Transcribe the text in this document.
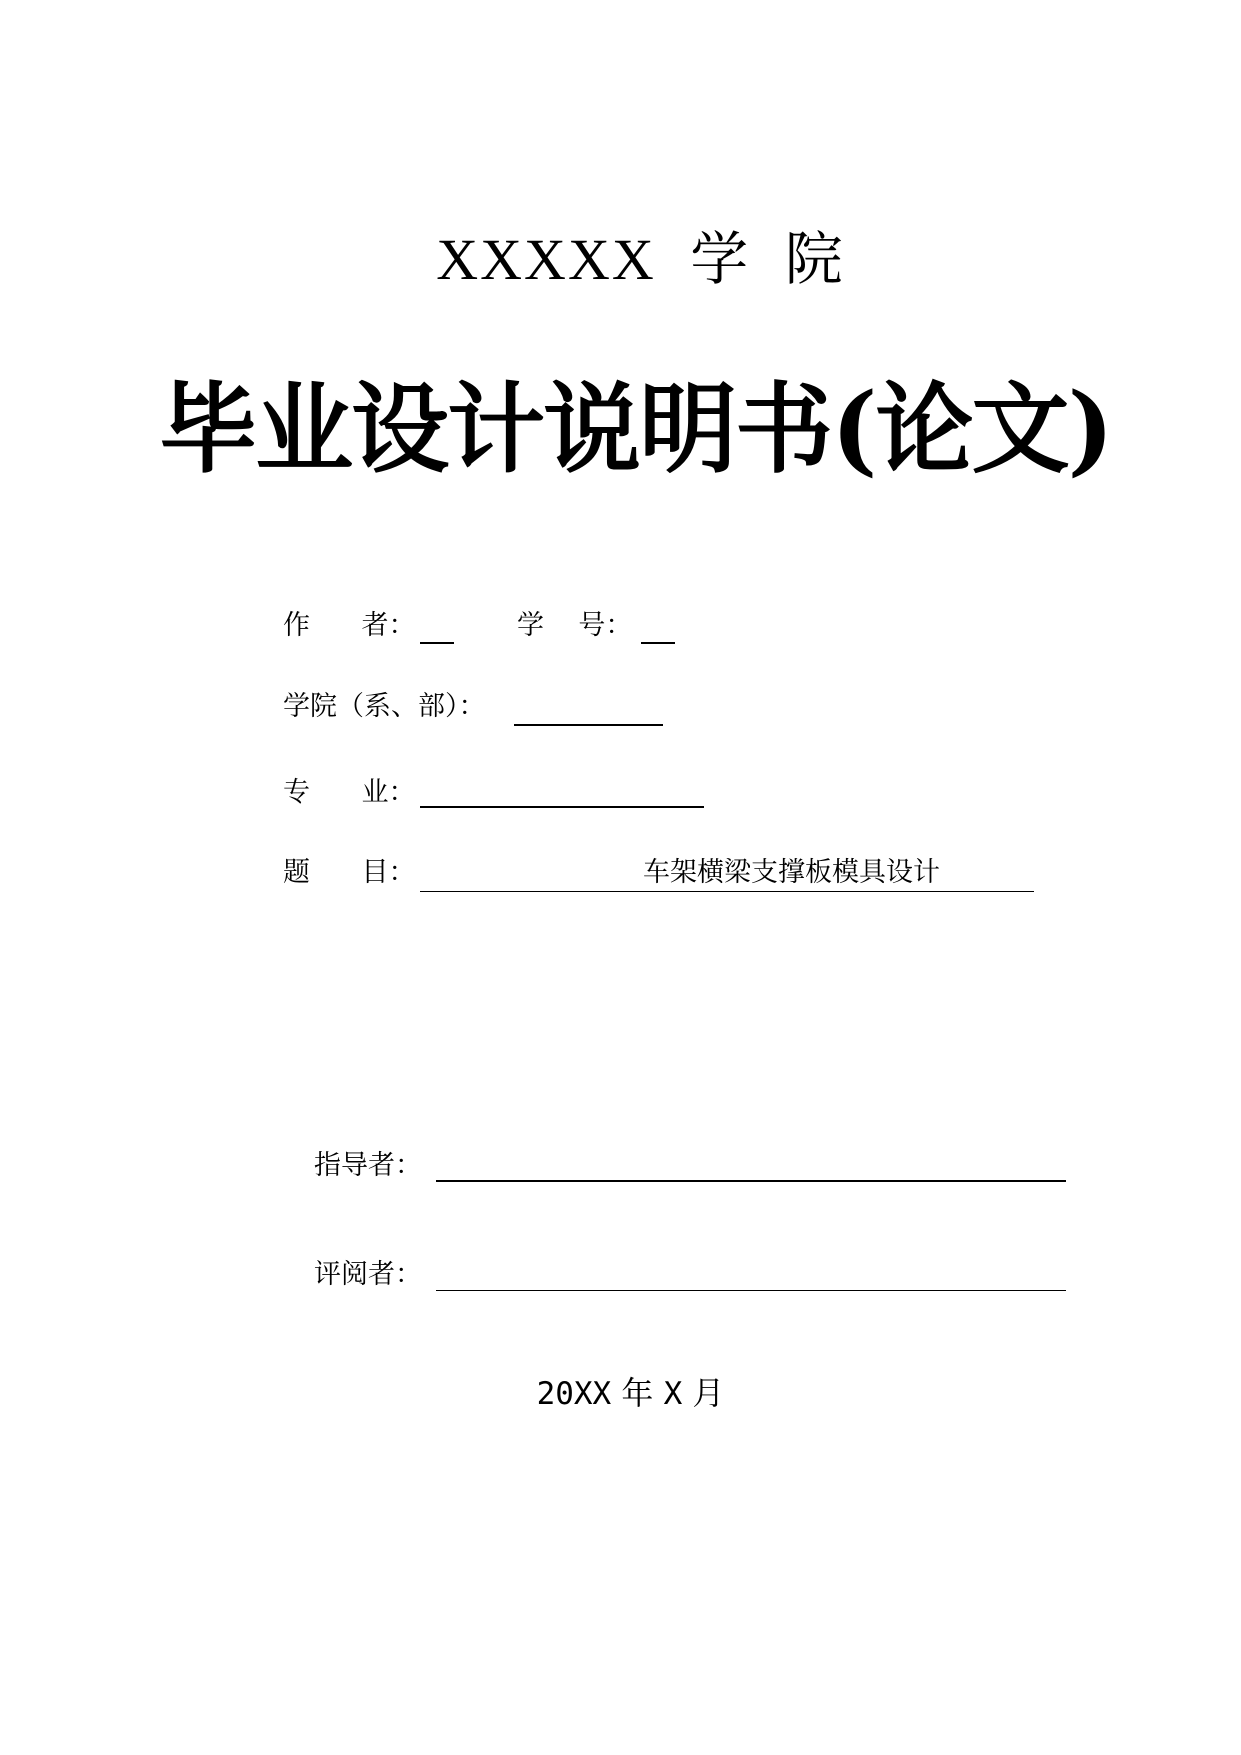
XXXXX 学 院
毕业设计说明书(论文)
作      者：	学    号：
学院（系、部）：
专      业：
题      目：	车架横梁支撑板模具设计
指导者：
评阅者：
20XX 年 X 月
